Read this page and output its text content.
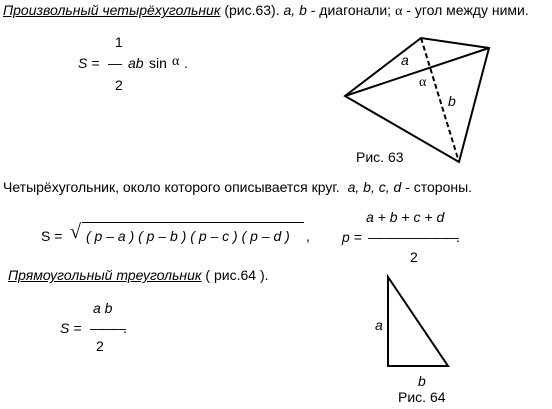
Произвольный четырёхугольник (рис.63). a, b - диагонали; α - угол между ними.
1
S = — ab sin α .
2
a
α
b
Рис. 63
Четырёхугольник, около которого описывается круг. a, b, c, d - стороны.
S = √ ( p – a ) ( p – b ) ( p – c ) ( p – d ) ,
a + b + c + d
p = ————————.
2
Прямоугольный треугольник ( рис.64 ).
a b
S = ———.
2
a
b
Рис. 64
